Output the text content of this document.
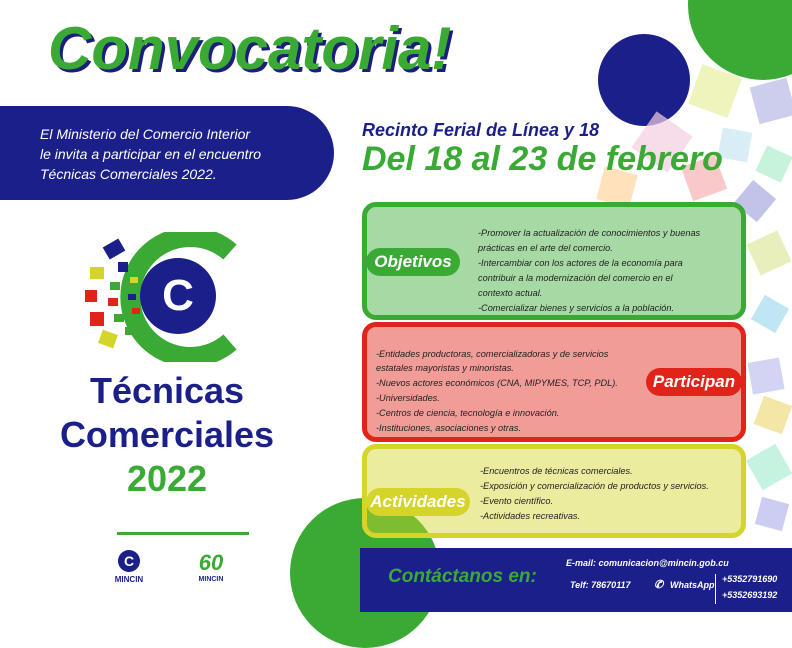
Convocatoria!
El Ministerio del Comercio Interior
le invita a participar en el encuentro
Técnicas Comerciales 2022.
Recinto Ferial de Línea y 18
Del 18 al 23 de febrero
C
Técnicas
Comerciales
2022
C
MINCIN
60
MINCIN
Objetivos
-Promover la actualización de conocimientos y buenas
prácticas en el arte del comercio.
-Intercambiar con los actores de la economía para
contribuir a la modernización del comercio en el
contexto actual.
-Comercializar bienes y servicios a la población.
Participan
-Entidades productoras, comercializadoras y de servicios
estatales mayoristas y minoristas.
-Nuevos actores económicos (CNA, MIPYMES, TCP, PDL).
-Universidades.
-Centros de ciencia, tecnología e innovación.
-Instituciones, asociaciones y otras.
Actividades
-Encuentros de técnicas comerciales.
-Exposición y comercialización de productos y servicios.
-Evento científico.
-Actividades recreativas.
Contáctanos en:
E-mail: comunicacion@mincin.gob.cu
Telf: 78670117 ✆ WhatsApp
+5352791690
+5352693192
